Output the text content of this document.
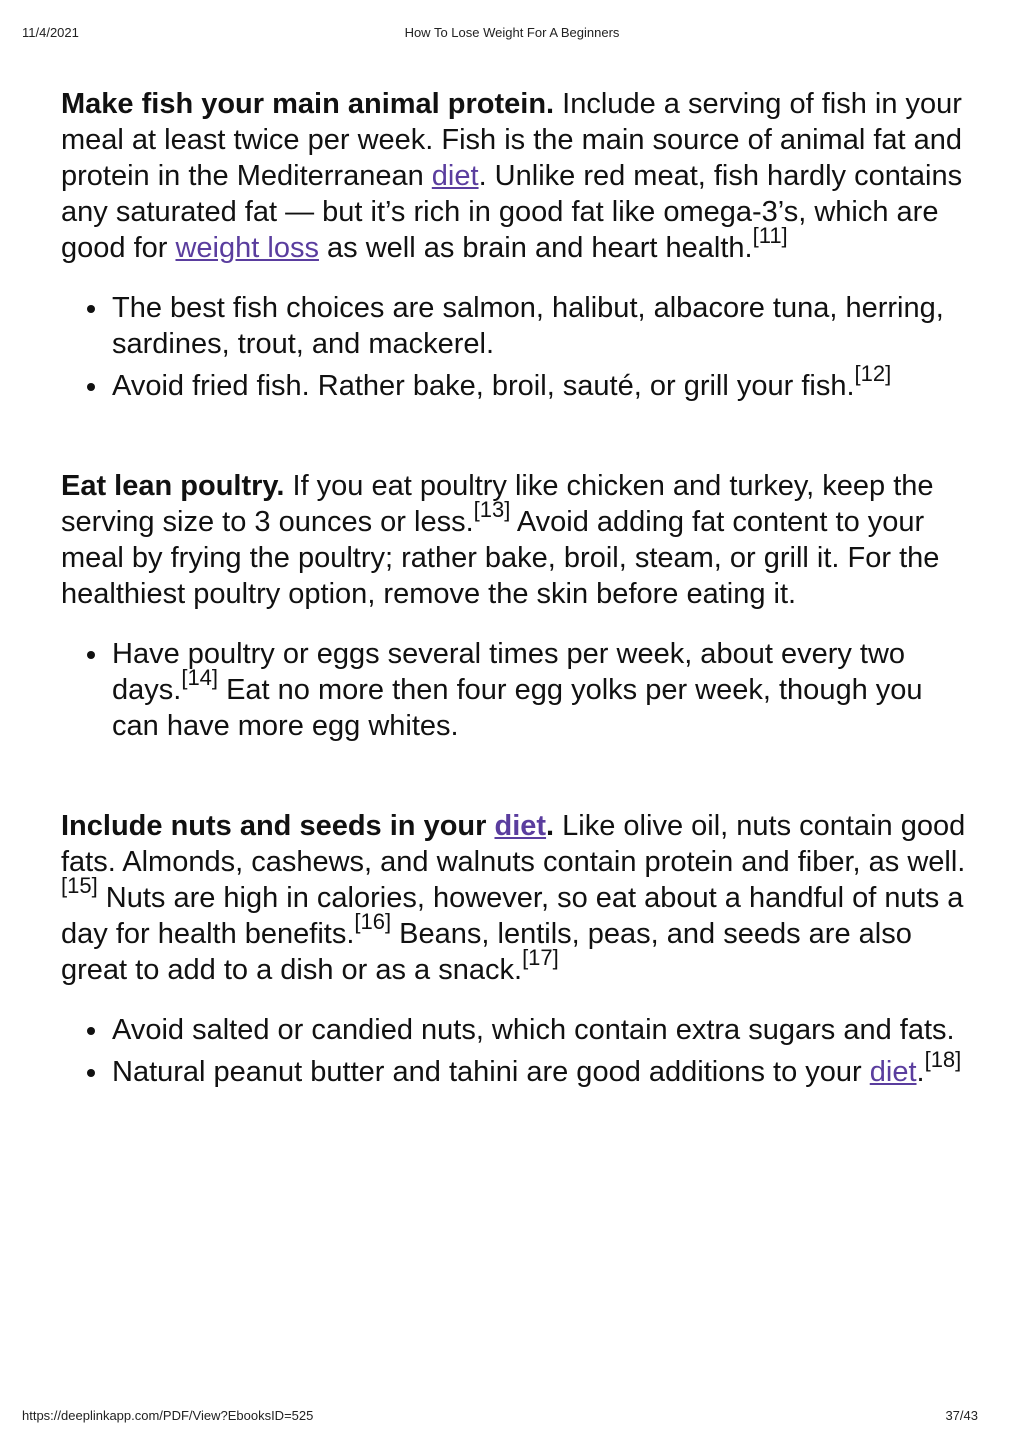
11/4/2021	How To Lose Weight For A Beginners

Make fish your main animal protein. Include a serving of fish in your meal at least twice per week. Fish is the main source of animal fat and protein in the Mediterranean diet. Unlike red meat, fish hardly contains any saturated fat — but it’s rich in good fat like omega-3’s, which are good for weight loss as well as brain and heart health.[11]

The best fish choices are salmon, halibut, albacore tuna, herring, sardines, trout, and mackerel.
Avoid fried fish. Rather bake, broil, sauté, or grill your fish.[12]

Eat lean poultry. If you eat poultry like chicken and turkey, keep the serving size to 3 ounces or less.[13] Avoid adding fat content to your meal by frying the poultry; rather bake, broil, steam, or grill it. For the healthiest poultry option, remove the skin before eating it.

Have poultry or eggs several times per week, about every two days.[14] Eat no more then four egg yolks per week, though you can have more egg whites.

Include nuts and seeds in your diet. Like olive oil, nuts contain good fats. Almonds, cashews, and walnuts contain protein and fiber, as well.[15] Nuts are high in calories, however, so eat about a handful of nuts a day for health benefits.[16] Beans, lentils, peas, and seeds are also great to add to a dish or as a snack.[17]

Avoid salted or candied nuts, which contain extra sugars and fats.
Natural peanut butter and tahini are good additions to your diet.[18]
https://deeplinkapp.com/PDF/View?EbooksID=525	37/43
